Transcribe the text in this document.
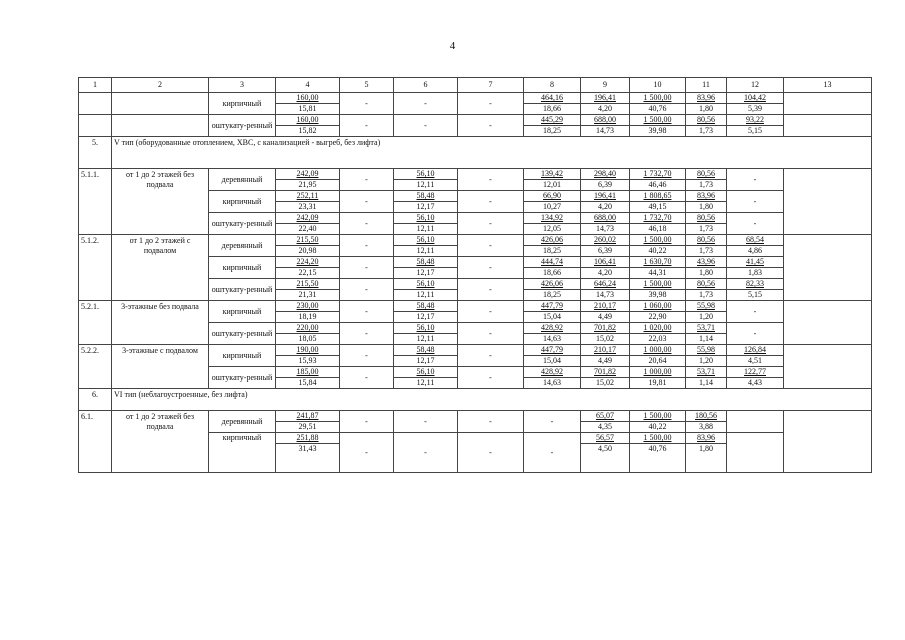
4
1	2	3	4	5	6	7	8	9	10	11	12	13
		кирпичный	160,00	-	-	-	464,16	196,41	1 500,00	83,96	104,42	
			15,81				18,66	4,20	40,76	1,80	5,39	
		оштукату-ренный	160,00	-	-	-	445,29	688,00	1 500,00	80,56	93,22	
			15,82				18,25	14,73	39,98	1,73	5,15	
5.	V тип (оборудованные отоплением, ХВС, с канализацией - выгреб, без лифта)											
5.1.1.	от 1 до 2 этажей без подвала	деревянный	242,09	-	56,10	-	139,42	298,40	1 732,70	80,56	-	
			21,95		12,11		12,01	6,39	46,46	1,73		
		кирпичный	252,11	-	58,48	-	66,90	196,41	1 808,65	83,96	-	
			23,31		12,17		10,27	4,20	49,15	1,80		
		оштукату-ренный	242,09	-	56,10	-	134,92	688,00	1 732,70	80,56	-	
			22,40		12,11		12,05	14,73	46,18	1,73		
5.1.2.	от 1 до 2 этажей с подвалом	деревянный	215,50	-	56,10	-	426,06	260,02	1 500,00	80,56	68,54	
			20,98		12,11		18,25	6,39	40,22	1,73	4,86	
		кирпичный	224,20	-	58,48	-	444,74	106,41	1 630,70	43,96	41,45	
			22,15		12,17		18,66	4,20	44,31	1,80	1,83	
		оштукату-ренный	215,50	-	56,10	-	426,06	646,24	1 500,00	80,56	82,33	
			21,31		12,11		18,25	14,73	39,98	1,73	5,15	
5.2.1.	3-этажные без подвала	кирпичный	230,00	-	58,48	-	447,79	210,17	1 060,00	55,98	-	
			18,19		12,17		15,04	4,49	22,90	1,20		
		оштукату-ренный	220,00	-	56,10	-	428,92	701,82	1 020,00	53,71	-	
			18,05		12,11		14,63	15,02	22,03	1,14		
5.2.2.	3-этажные с подвалом	кирпичный	190,00	-	58,48	-	447,79	210,17	1 000,00	55,98	126,84	
			15,93		12,17		15,04	4,49	20,64	1,20	4,51	
		оштукату-ренный	185,00	-	56,10	-	428,92	701,82	1 000,00	53,71	122,77	
			15,84		12,11		14,63	15,02	19,81	1,14	4,43	
6.	VI тип (неблагоустроенные, без лифта)											
6.1.	от 1 до 2 этажей без подвала	деревянный	241,87	-	-	-	-	65,07	1 500,00	180,56		
			29,51					4,35	40,22	3,88		
		кирпичный	251,88	-	-	-	-	56,57	1 500,00	83,96		
			31,43					4,50	40,76	1,80		
